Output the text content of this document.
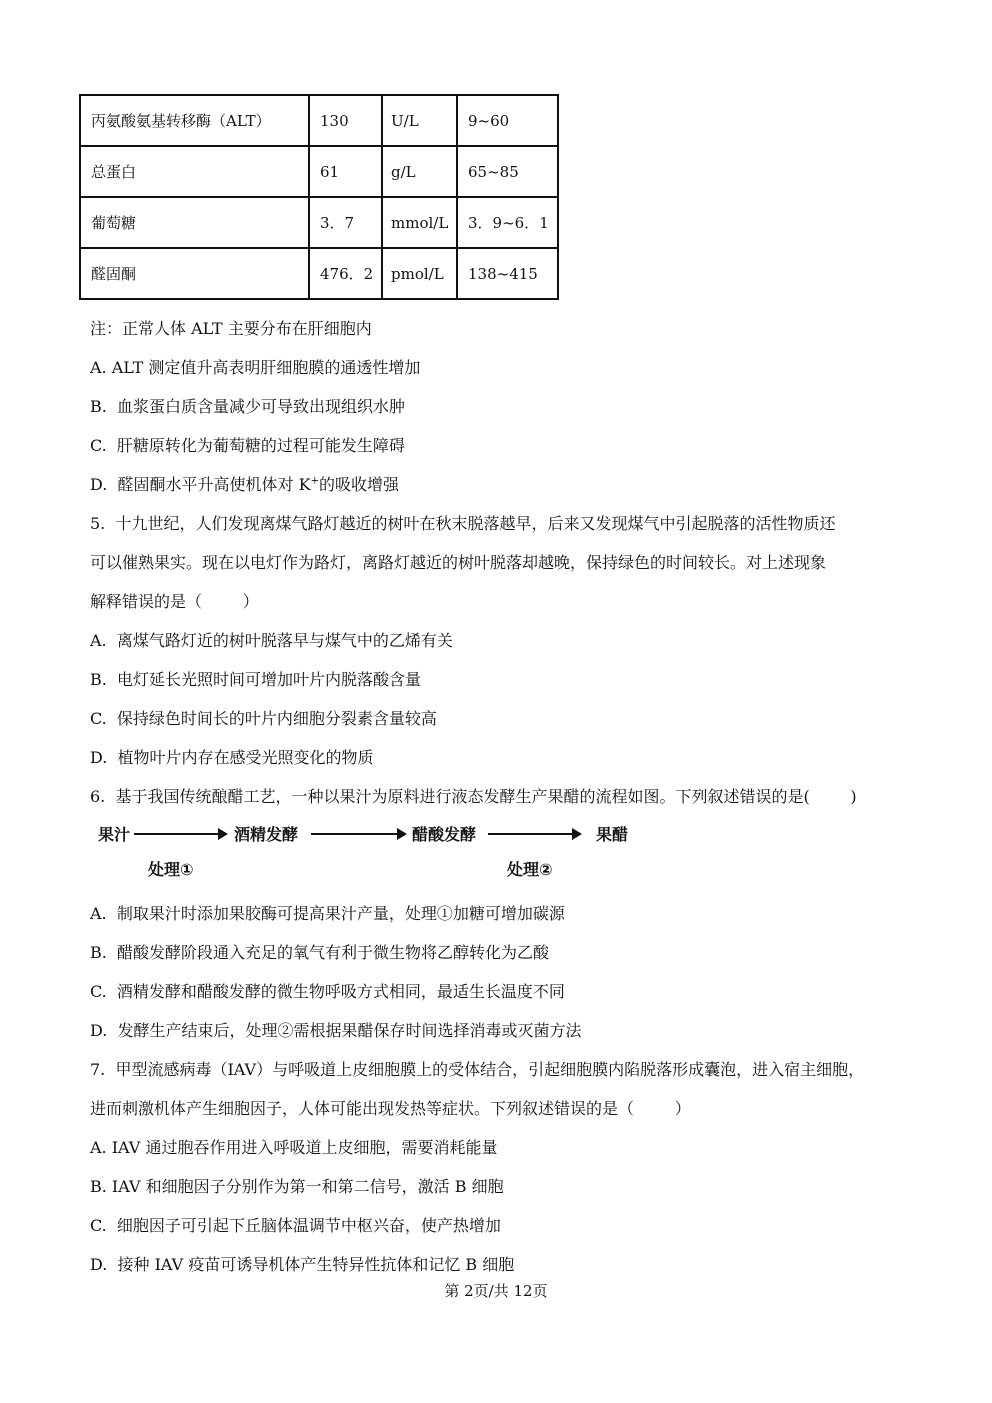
丙氨酸氨基转移酶（ALT）	130	U/L	9~60
总蛋白	61	g/L	65~85
葡萄糖	3．7	mmol/L	3．9~6．1
醛固酮	476．2	pmol/L	138~415
注：正常人体 ALT 主要分布在肝细胞内
A. ALT 测定值升高表明肝细胞膜的通透性增加
B.  血浆蛋白质含量减少可导致出现组织水肿
C.  肝糖原转化为葡萄糖的过程可能发生障碍
D.  醛固酮水平升高使机体对 K+的吸收增强
5.  十九世纪，人们发现离煤气路灯越近的树叶在秋末脱落越早，后来又发现煤气中引起脱落的活性物质还
可以催熟果实。现在以电灯作为路灯，离路灯越近的树叶脱落却越晚，保持绿色的时间较长。对上述现象
解释错误的是（        ）
A.  离煤气路灯近的树叶脱落早与煤气中的乙烯有关
B.  电灯延长光照时间可增加叶片内脱落酸含量
C.  保持绿色时间长的叶片内细胞分裂素含量较高
D.  植物叶片内存在感受光照变化的物质
6.  基于我国传统酿醋工艺，一种以果汁为原料进行液态发酵生产果醋的流程如图。下列叙述错误的是(        )
果汁	酒精发酵	醋酸发酵	果醋
处理①	处理②
A.  制取果汁时添加果胶酶可提高果汁产量，处理①加糖可增加碳源
B.  醋酸发酵阶段通入充足的氧气有利于微生物将乙醇转化为乙酸
C.  酒精发酵和醋酸发酵的微生物呼吸方式相同，最适生长温度不同
D.  发酵生产结束后，处理②需根据果醋保存时间选择消毒或灭菌方法
7.  甲型流感病毒（IAV）与呼吸道上皮细胞膜上的受体结合，引起细胞膜内陷脱落形成囊泡，进入宿主细胞，
进而刺激机体产生细胞因子，人体可能出现发热等症状。下列叙述错误的是（        ）
A. IAV 通过胞吞作用进入呼吸道上皮细胞，需要消耗能量
B. IAV 和细胞因子分别作为第一和第二信号，激活 B 细胞
C.  细胞因子可引起下丘脑体温调节中枢兴奋，使产热增加
D.  接种 IAV 疫苗可诱导机体产生特异性抗体和记忆 B 细胞
第 2页/共 12页
